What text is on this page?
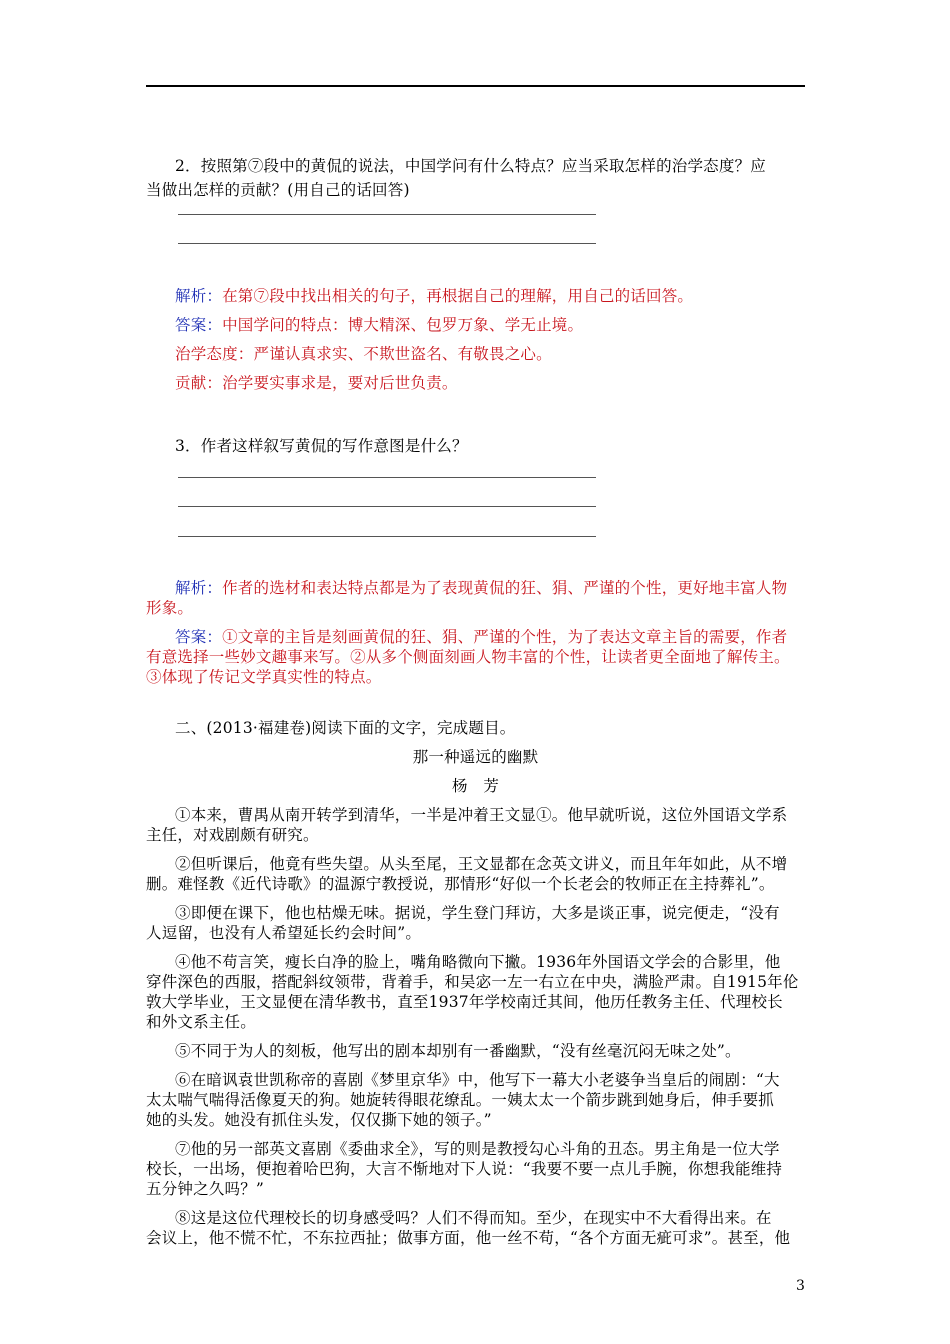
2．按照第⑦段中的黄侃的说法，中国学问有什么特点？应当采取怎样的治学态度？应
当做出怎样的贡献？(用自己的话回答)
解析：在第⑦段中找出相关的句子，再根据自己的理解，用自己的话回答。
答案：中国学问的特点：博大精深、包罗万象、学无止境。
治学态度：严谨认真求实、不欺世盗名、有敬畏之心。
贡献：治学要实事求是，要对后世负责。
3．作者这样叙写黄侃的写作意图是什么？
解析：作者的选材和表达特点都是为了表现黄侃的狂、狷、严谨的个性，更好地丰富人物
形象。
答案：①文章的主旨是刻画黄侃的狂、狷、严谨的个性，为了表达文章主旨的需要，作者
有意选择一些妙文趣事来写。②从多个侧面刻画人物丰富的个性，让读者更全面地了解传主。
③体现了传记文学真实性的特点。
二、(2013·福建卷)阅读下面的文字，完成题目。
那一种遥远的幽默
杨　芳
①本来，曹禺从南开转学到清华，一半是冲着王文显①。他早就听说，这位外国语文学系
主任，对戏剧颇有研究。
②但听课后，他竟有些失望。从头至尾，王文显都在念英文讲义，而且年年如此，从不增
删。难怪教《近代诗歌》的温源宁教授说，那情形“好似一个长老会的牧师正在主持葬礼”。
③即便在课下，他也枯燥无味。据说，学生登门拜访，大多是谈正事，说完便走，“没有
人逗留，也没有人希望延长约会时间”。
④他不苟言笑，瘦长白净的脸上，嘴角略微向下撇。1936年外国语文学会的合影里，他
穿件深色的西服，搭配斜纹领带，背着手，和吴宓一左一右立在中央，满脸严肃。自1915年伦
敦大学毕业，王文显便在清华教书，直至1937年学校南迁其间，他历任教务主任、代理校长
和外文系主任。
⑤不同于为人的刻板，他写出的剧本却别有一番幽默，“没有丝毫沉闷无味之处”。
⑥在暗讽袁世凯称帝的喜剧《梦里京华》中，他写下一幕大小老婆争当皇后的闹剧：“大
太太喘气喘得活像夏天的狗。她旋转得眼花缭乱。一姨太太一个箭步跳到她身后，伸手要抓
她的头发。她没有抓住头发，仅仅撕下她的领子。”
⑦他的另一部英文喜剧《委曲求全》，写的则是教授勾心斗角的丑态。男主角是一位大学
校长，一出场，便抱着哈巴狗，大言不惭地对下人说：“我要不要一点儿手腕，你想我能维持
五分钟之久吗？”
⑧这是这位代理校长的切身感受吗？人们不得而知。至少，在现实中不大看得出来。在
会议上，他不慌不忙，不东拉西扯；做事方面，他一丝不苟，“各个方面无疵可求”。甚至，他
3
